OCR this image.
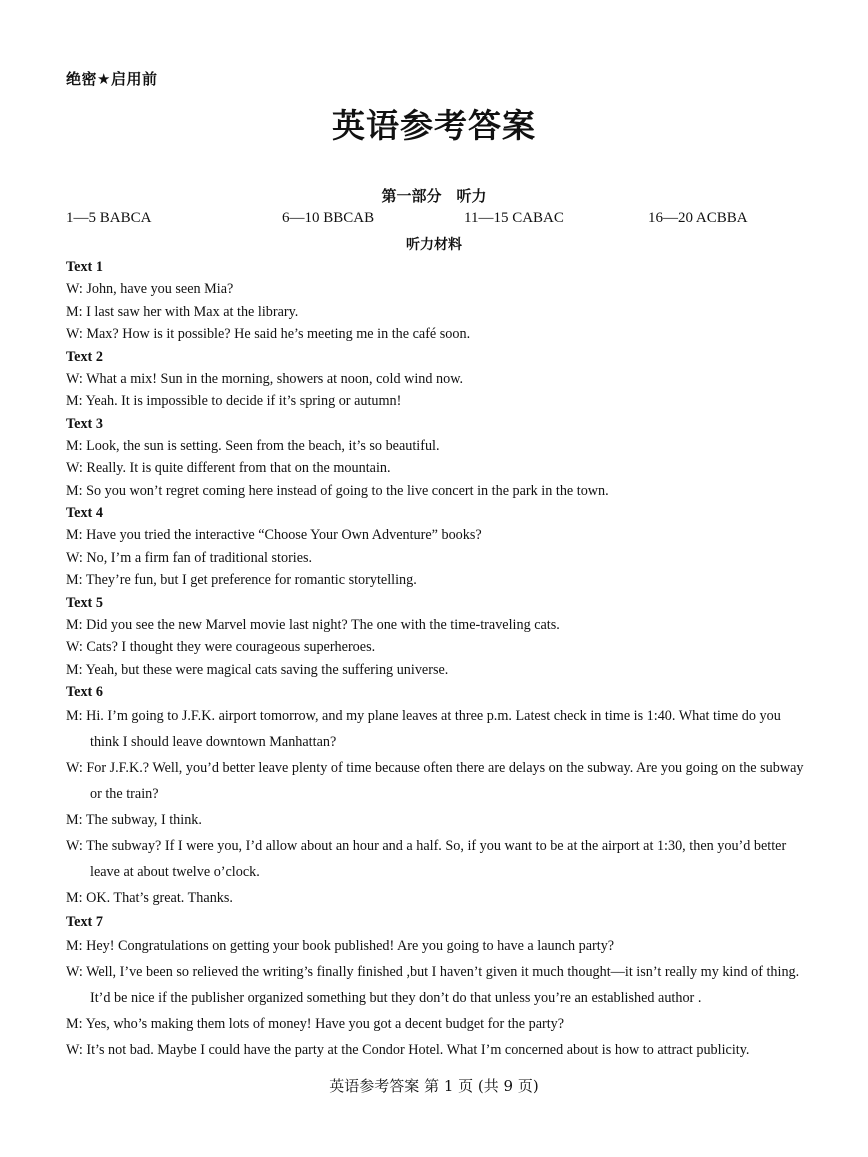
绝密★启用前
英语参考答案
第一部分　听力
1—5 BABCA	6—10 BBCAB	11—15 CABAC	16—20 ACBBA
听力材料

Text 1

W: John, have you seen Mia?

M: I last saw her with Max at the library.

W: Max? How is it possible? He said he’s meeting me in the café soon.

Text 2

W: What a mix! Sun in the morning, showers at noon, cold wind now.

M: Yeah. It is impossible to decide if it’s spring or autumn!

Text 3

M: Look, the sun is setting. Seen from the beach, it’s so beautiful.

W: Really. It is quite different from that on the mountain.

M: So you won’t regret coming here instead of going to the live concert in the park in the town.

Text 4

M: Have you tried the interactive “Choose Your Own Adventure” books?

W: No, I’m a firm fan of traditional stories.

M: They’re fun, but I get preference for romantic storytelling.

Text 5

M: Did you see the new Marvel movie last night? The one with the time-traveling cats.

W: Cats? I thought they were courageous superheroes.

M: Yeah, but these were magical cats saving the suffering universe.

Text 6

M: Hi. I’m going to J.F.K. airport tomorrow, and my plane leaves at three p.m. Latest check in time is 1:40. What time do you think I should leave downtown Manhattan?

W: For J.F.K.? Well, you’d better leave plenty of time because often there are delays on the subway. Are you going on the subway or the train?

M: The subway, I think.

W: The subway? If I were you, I’d allow about an hour and a half. So, if you want to be at the airport at 1:30, then you’d better leave at about twelve o’clock.

M: OK. That’s great. Thanks.

Text 7

M: Hey! Congratulations on getting your book published! Are you going to have a launch party?

W: Well, I’ve been so relieved the writing’s finally finished ,but I haven’t given it much thought—it isn’t really my kind of thing. It’d be nice if the publisher organized something but they don’t do that unless you’re an established author .

M: Yes, who’s making them lots of money! Have you got a decent budget for the party?

W: It’s not bad. Maybe I could have the party at the Condor Hotel. What I’m concerned about is how to attract publicity.

英语参考答案 第 1 页 (共 9 页)
